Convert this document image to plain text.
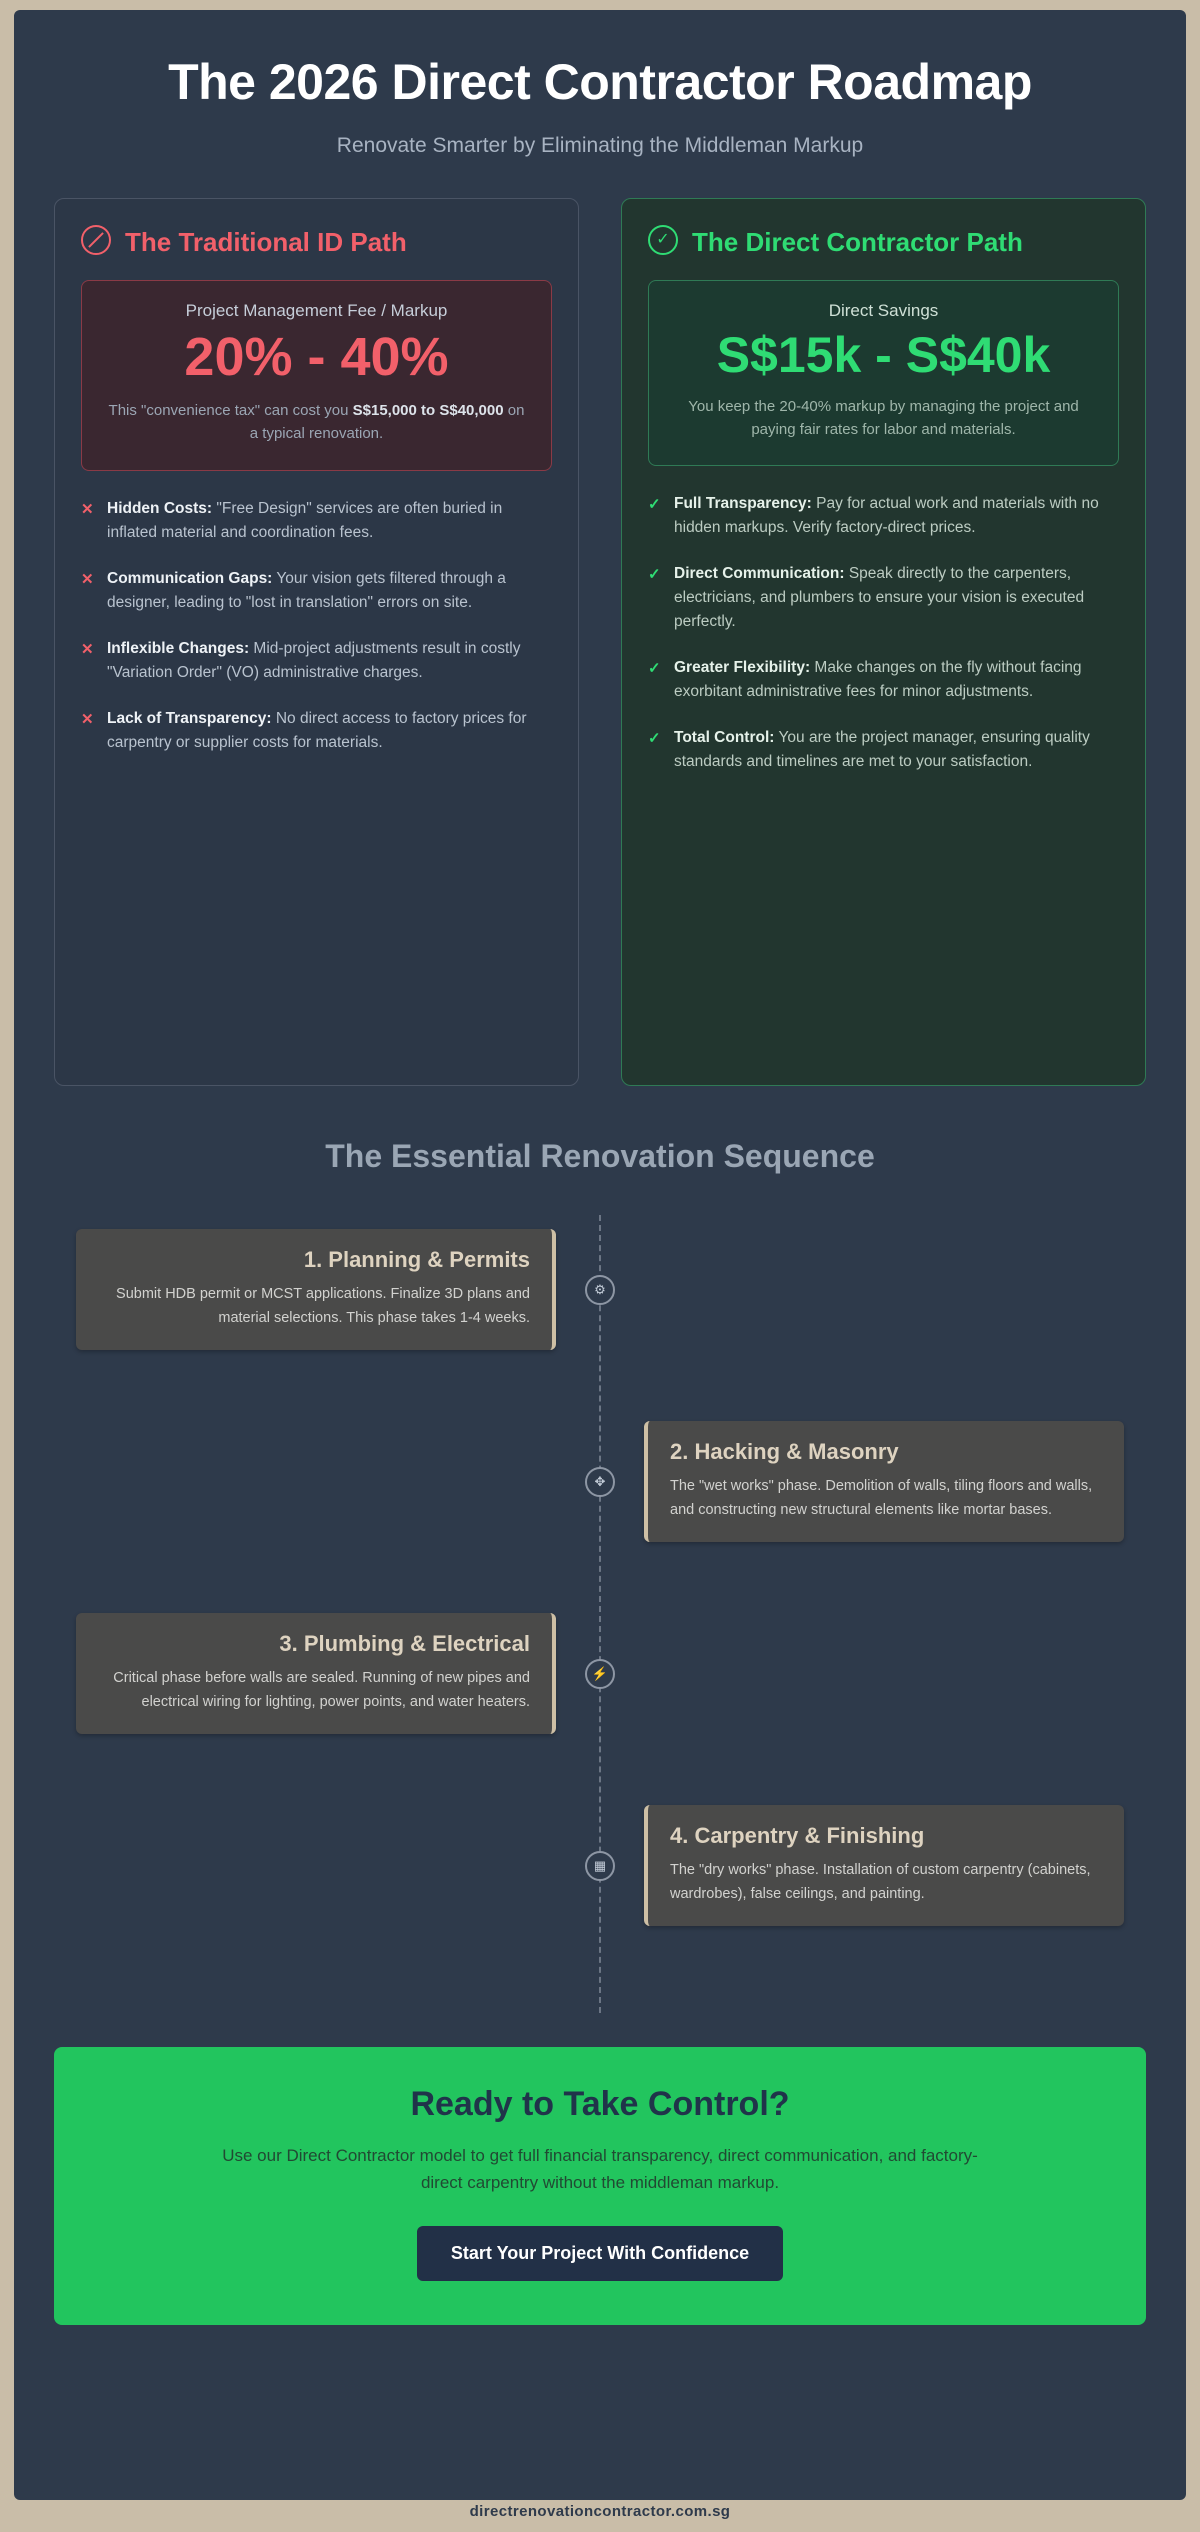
The 2026 Direct Contractor Roadmap
Renovate Smarter by Eliminating the Middleman Markup
The Traditional ID Path
Project Management Fee / Markup
20% - 40%
This "convenience tax" can cost you S$15,000 to S$40,000 on a typical renovation.
✕ Hidden Costs: "Free Design" services are often buried in inflated material and coordination fees.
✕ Communication Gaps: Your vision gets filtered through a designer, leading to "lost in translation" errors on site.
✕ Inflexible Changes: Mid-project adjustments result in costly "Variation Order" (VO) administrative charges.
✕ Lack of Transparency: No direct access to factory prices for carpentry or supplier costs for materials.
✓ The Direct Contractor Path
Direct Savings
S$15k - S$40k
You keep the 20-40% markup by managing the project and paying fair rates for labor and materials.
✓ Full Transparency: Pay for actual work and materials with no hidden markups. Verify factory-direct prices.
✓ Direct Communication: Speak directly to the carpenters, electricians, and plumbers to ensure your vision is executed perfectly.
✓ Greater Flexibility: Make changes on the fly without facing exorbitant administrative fees for minor adjustments.
✓ Total Control: You are the project manager, ensuring quality standards and timelines are met to your satisfaction.
The Essential Renovation Sequence
1. Planning & Permits

Submit HDB permit or MCST applications. Finalize 3D plans and material selections. This phase takes 1-4 weeks.

⚙
2. Hacking & Masonry

The "wet works" phase. Demolition of walls, tiling floors and walls, and constructing new structural elements like mortar bases.

✥
3. Plumbing & Electrical

Critical phase before walls are sealed. Running of new pipes and electrical wiring for lighting, power points, and water heaters.

⚡
4. Carpentry & Finishing

The "dry works" phase. Installation of custom carpentry (cabinets, wardrobes), false ceilings, and painting.

▦
Ready to Take Control?

Use our Direct Contractor model to get full financial transparency, direct communication, and factory-direct carpentry without the middleman markup.

Start Your Project With Confidence
directrenovationcontractor.com.sg
